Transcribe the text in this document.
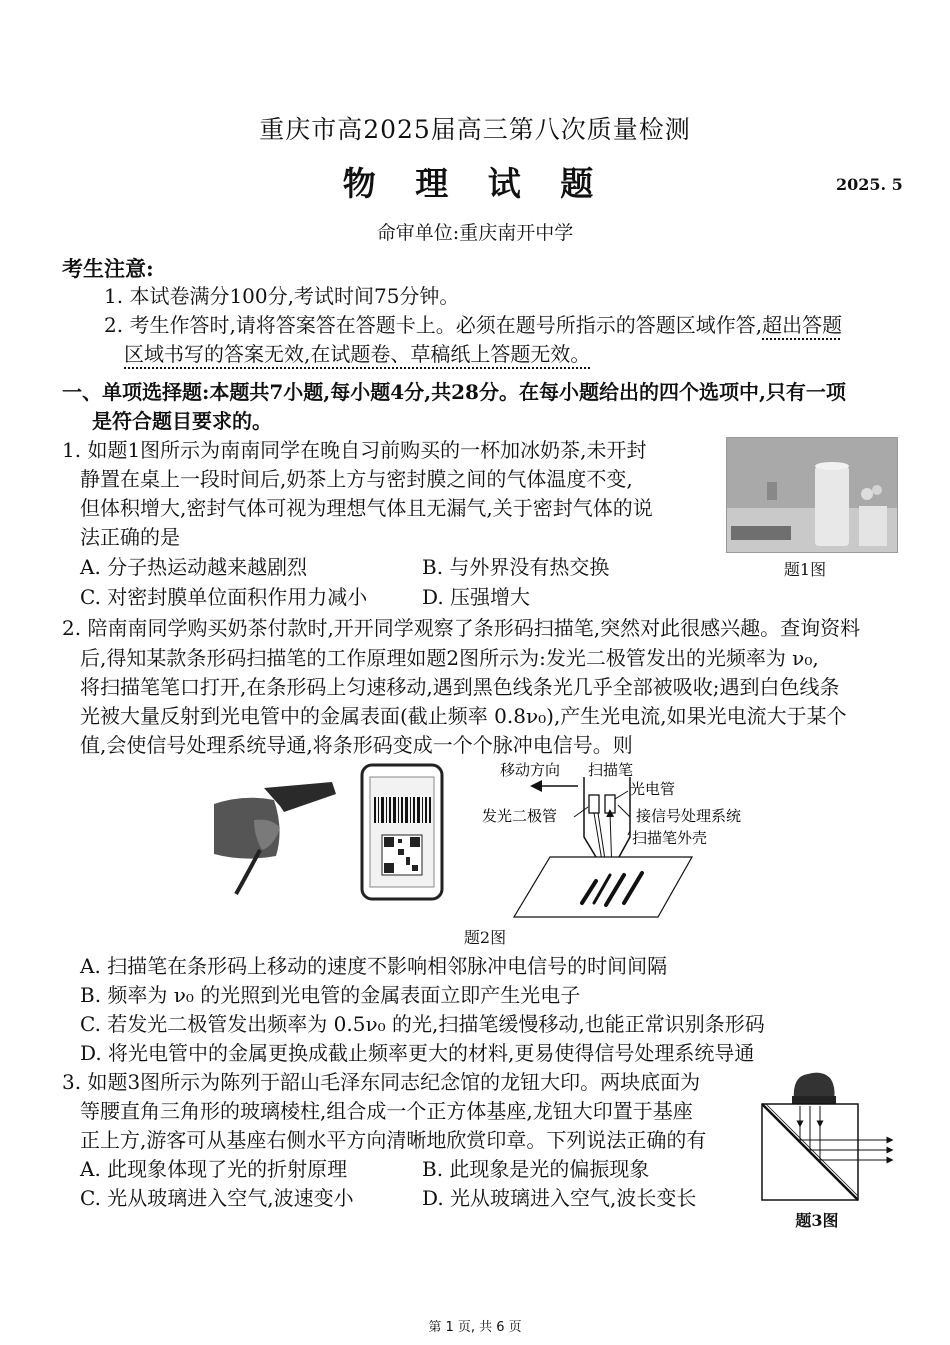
重庆市高2025届高三第八次质量检测
物 理 试 题	2025. 5
命审单位:重庆南开中学
考生注意:
1. 本试卷满分100分,考试时间75分钟。
2. 考生作答时,请将答案答在答题卡上。必须在题号所指示的答题区域作答,超出答题
区域书写的答案无效,在试题卷、草稿纸上答题无效。
一、单项选择题:本题共7小题,每小题4分,共28分。在每小题给出的四个选项中,只有一项
是符合题目要求的。
1. 如题1图所示为南南同学在晚自习前购买的一杯加冰奶茶,未开封
静置在桌上一段时间后,奶茶上方与密封膜之间的气体温度不变,
但体积增大,密封气体可视为理想气体且无漏气,关于密封气体的说
法正确的是
A. 分子热运动越来越剧烈	B. 与外界没有热交换
C. 对密封膜单位面积作用力减小	D. 压强增大
题1图
2. 陪南南同学购买奶茶付款时,开开同学观察了条形码扫描笔,突然对此很感兴趣。查询资料
后,得知某款条形码扫描笔的工作原理如题2图所示为:发光二极管发出的光频率为 ν₀,
将扫描笔笔口打开,在条形码上匀速移动,遇到黑色线条光几乎全部被吸收;遇到白色线条
光被大量反射到光电管中的金属表面(截止频率 0.8ν₀),产生光电流,如果光电流大于某个
值,会使信号处理系统导通,将条形码变成一个个脉冲电信号。则
移动方向 扫描笔
光电管
发光二极管	接信号处理系统
扫描笔外壳
题2图
A. 扫描笔在条形码上移动的速度不影响相邻脉冲电信号的时间间隔
B. 频率为 ν₀ 的光照到光电管的金属表面立即产生光电子
C. 若发光二极管发出频率为 0.5ν₀ 的光,扫描笔缓慢移动,也能正常识别条形码
D. 将光电管中的金属更换成截止频率更大的材料,更易使得信号处理系统导通
3. 如题3图所示为陈列于韶山毛泽东同志纪念馆的龙钮大印。两块底面为
等腰直角三角形的玻璃棱柱,组合成一个正方体基座,龙钮大印置于基座
正上方,游客可从基座右侧水平方向清晰地欣赏印章。下列说法正确的有
A. 此现象体现了光的折射原理	B. 此现象是光的偏振现象
C. 光从玻璃进入空气,波速变小	D. 光从玻璃进入空气,波长变长
题3图
第 1 页, 共 6 页
